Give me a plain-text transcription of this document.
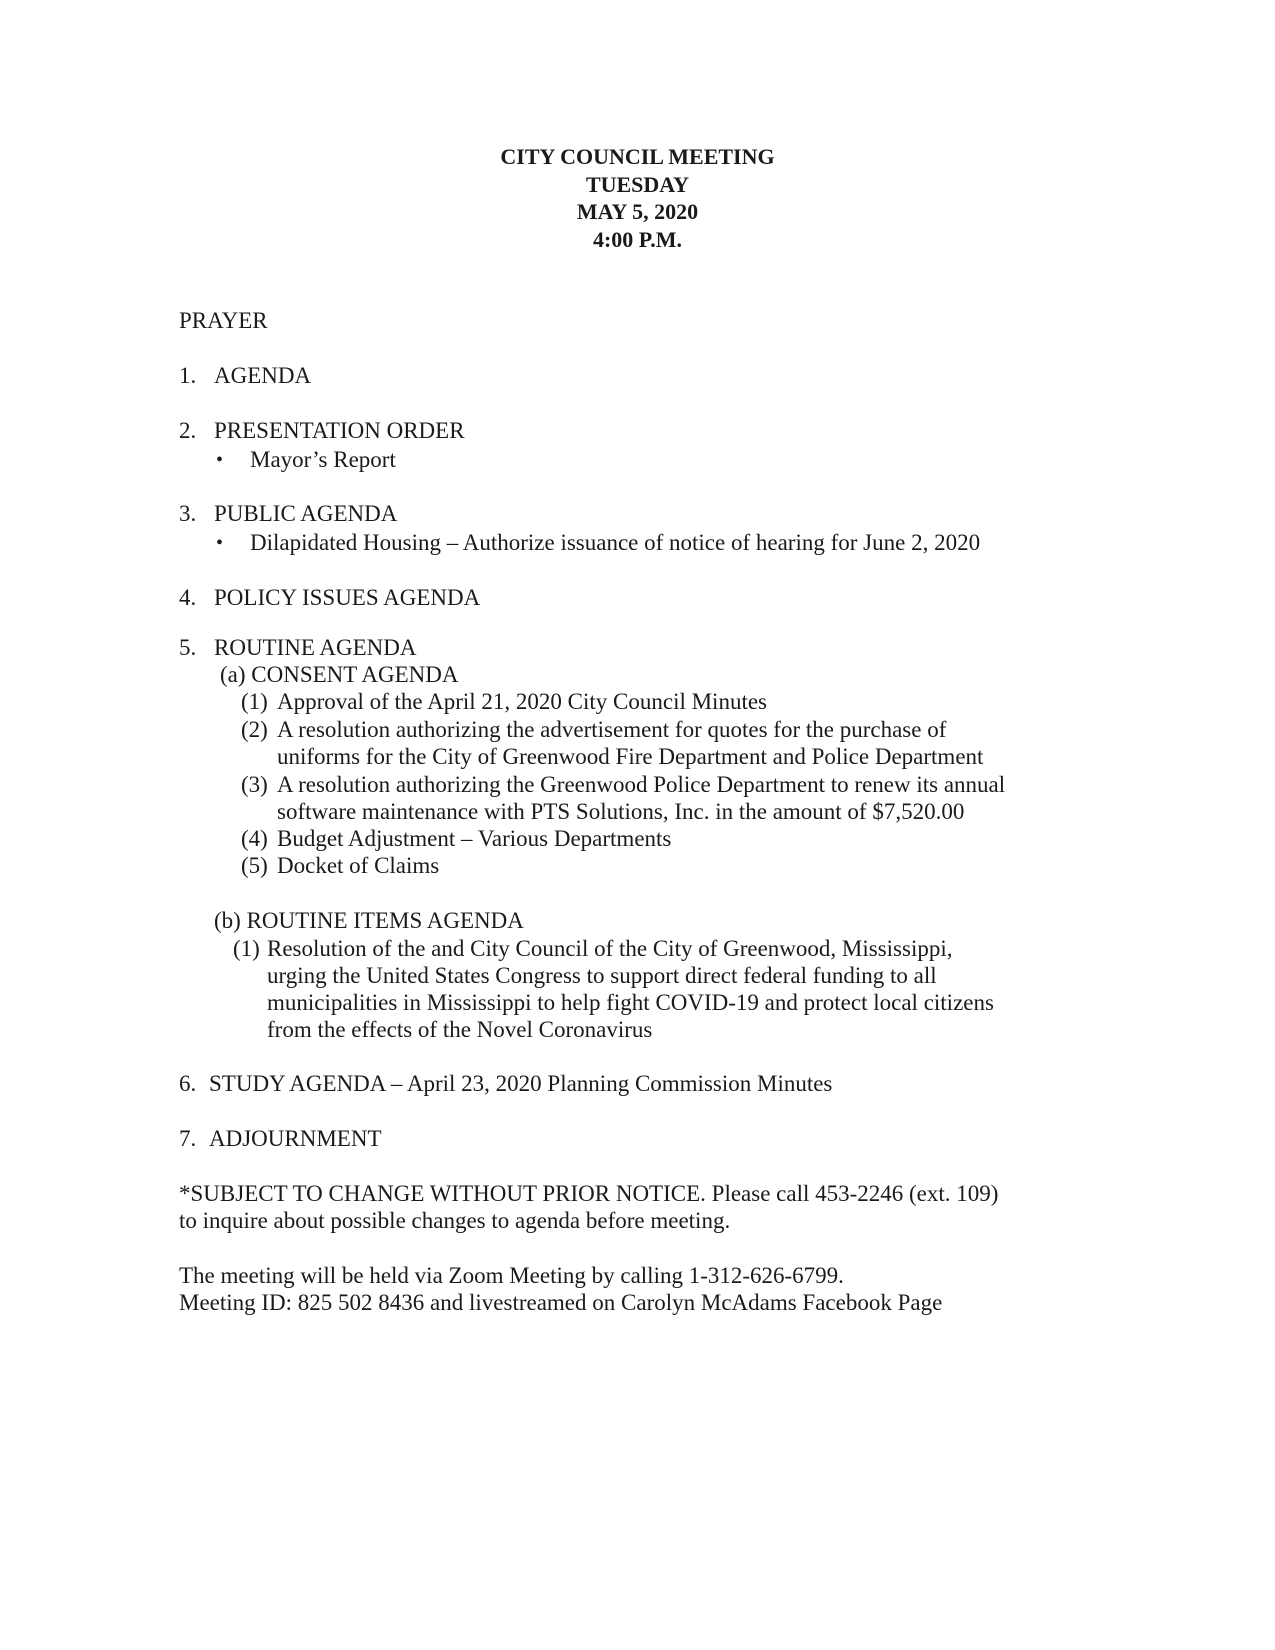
CITY COUNCIL MEETING
TUESDAY
MAY 5, 2020
4:00 P.M.
PRAYER
1. AGENDA
2. PRESENTATION ORDER
• Mayor’s Report
3. PUBLIC AGENDA
• Dilapidated Housing – Authorize issuance of notice of hearing for June 2, 2020
4. POLICY ISSUES AGENDA
5. ROUTINE AGENDA
(a) CONSENT AGENDA
(1) Approval of the April 21, 2020 City Council Minutes
(2) A resolution authorizing the advertisement for quotes for the purchase of
uniforms for the City of Greenwood Fire Department and Police Department
(3) A resolution authorizing the Greenwood Police Department to renew its annual
software maintenance with PTS Solutions, Inc. in the amount of $7,520.00
(4) Budget Adjustment – Various Departments
(5) Docket of Claims
(b) ROUTINE ITEMS AGENDA
(1) Resolution of the and City Council of the City of Greenwood, Mississippi,
urging the United States Congress to support direct federal funding to all
municipalities in Mississippi to help fight COVID-19 and protect local citizens
from the effects of the Novel Coronavirus
6. STUDY AGENDA – April 23, 2020 Planning Commission Minutes
7. ADJOURNMENT
*SUBJECT TO CHANGE WITHOUT PRIOR NOTICE. Please call 453-2246 (ext. 109)
to inquire about possible changes to agenda before meeting.
The meeting will be held via Zoom Meeting by calling 1-312-626-6799.
Meeting ID: 825 502 8436 and livestreamed on Carolyn McAdams Facebook Page
